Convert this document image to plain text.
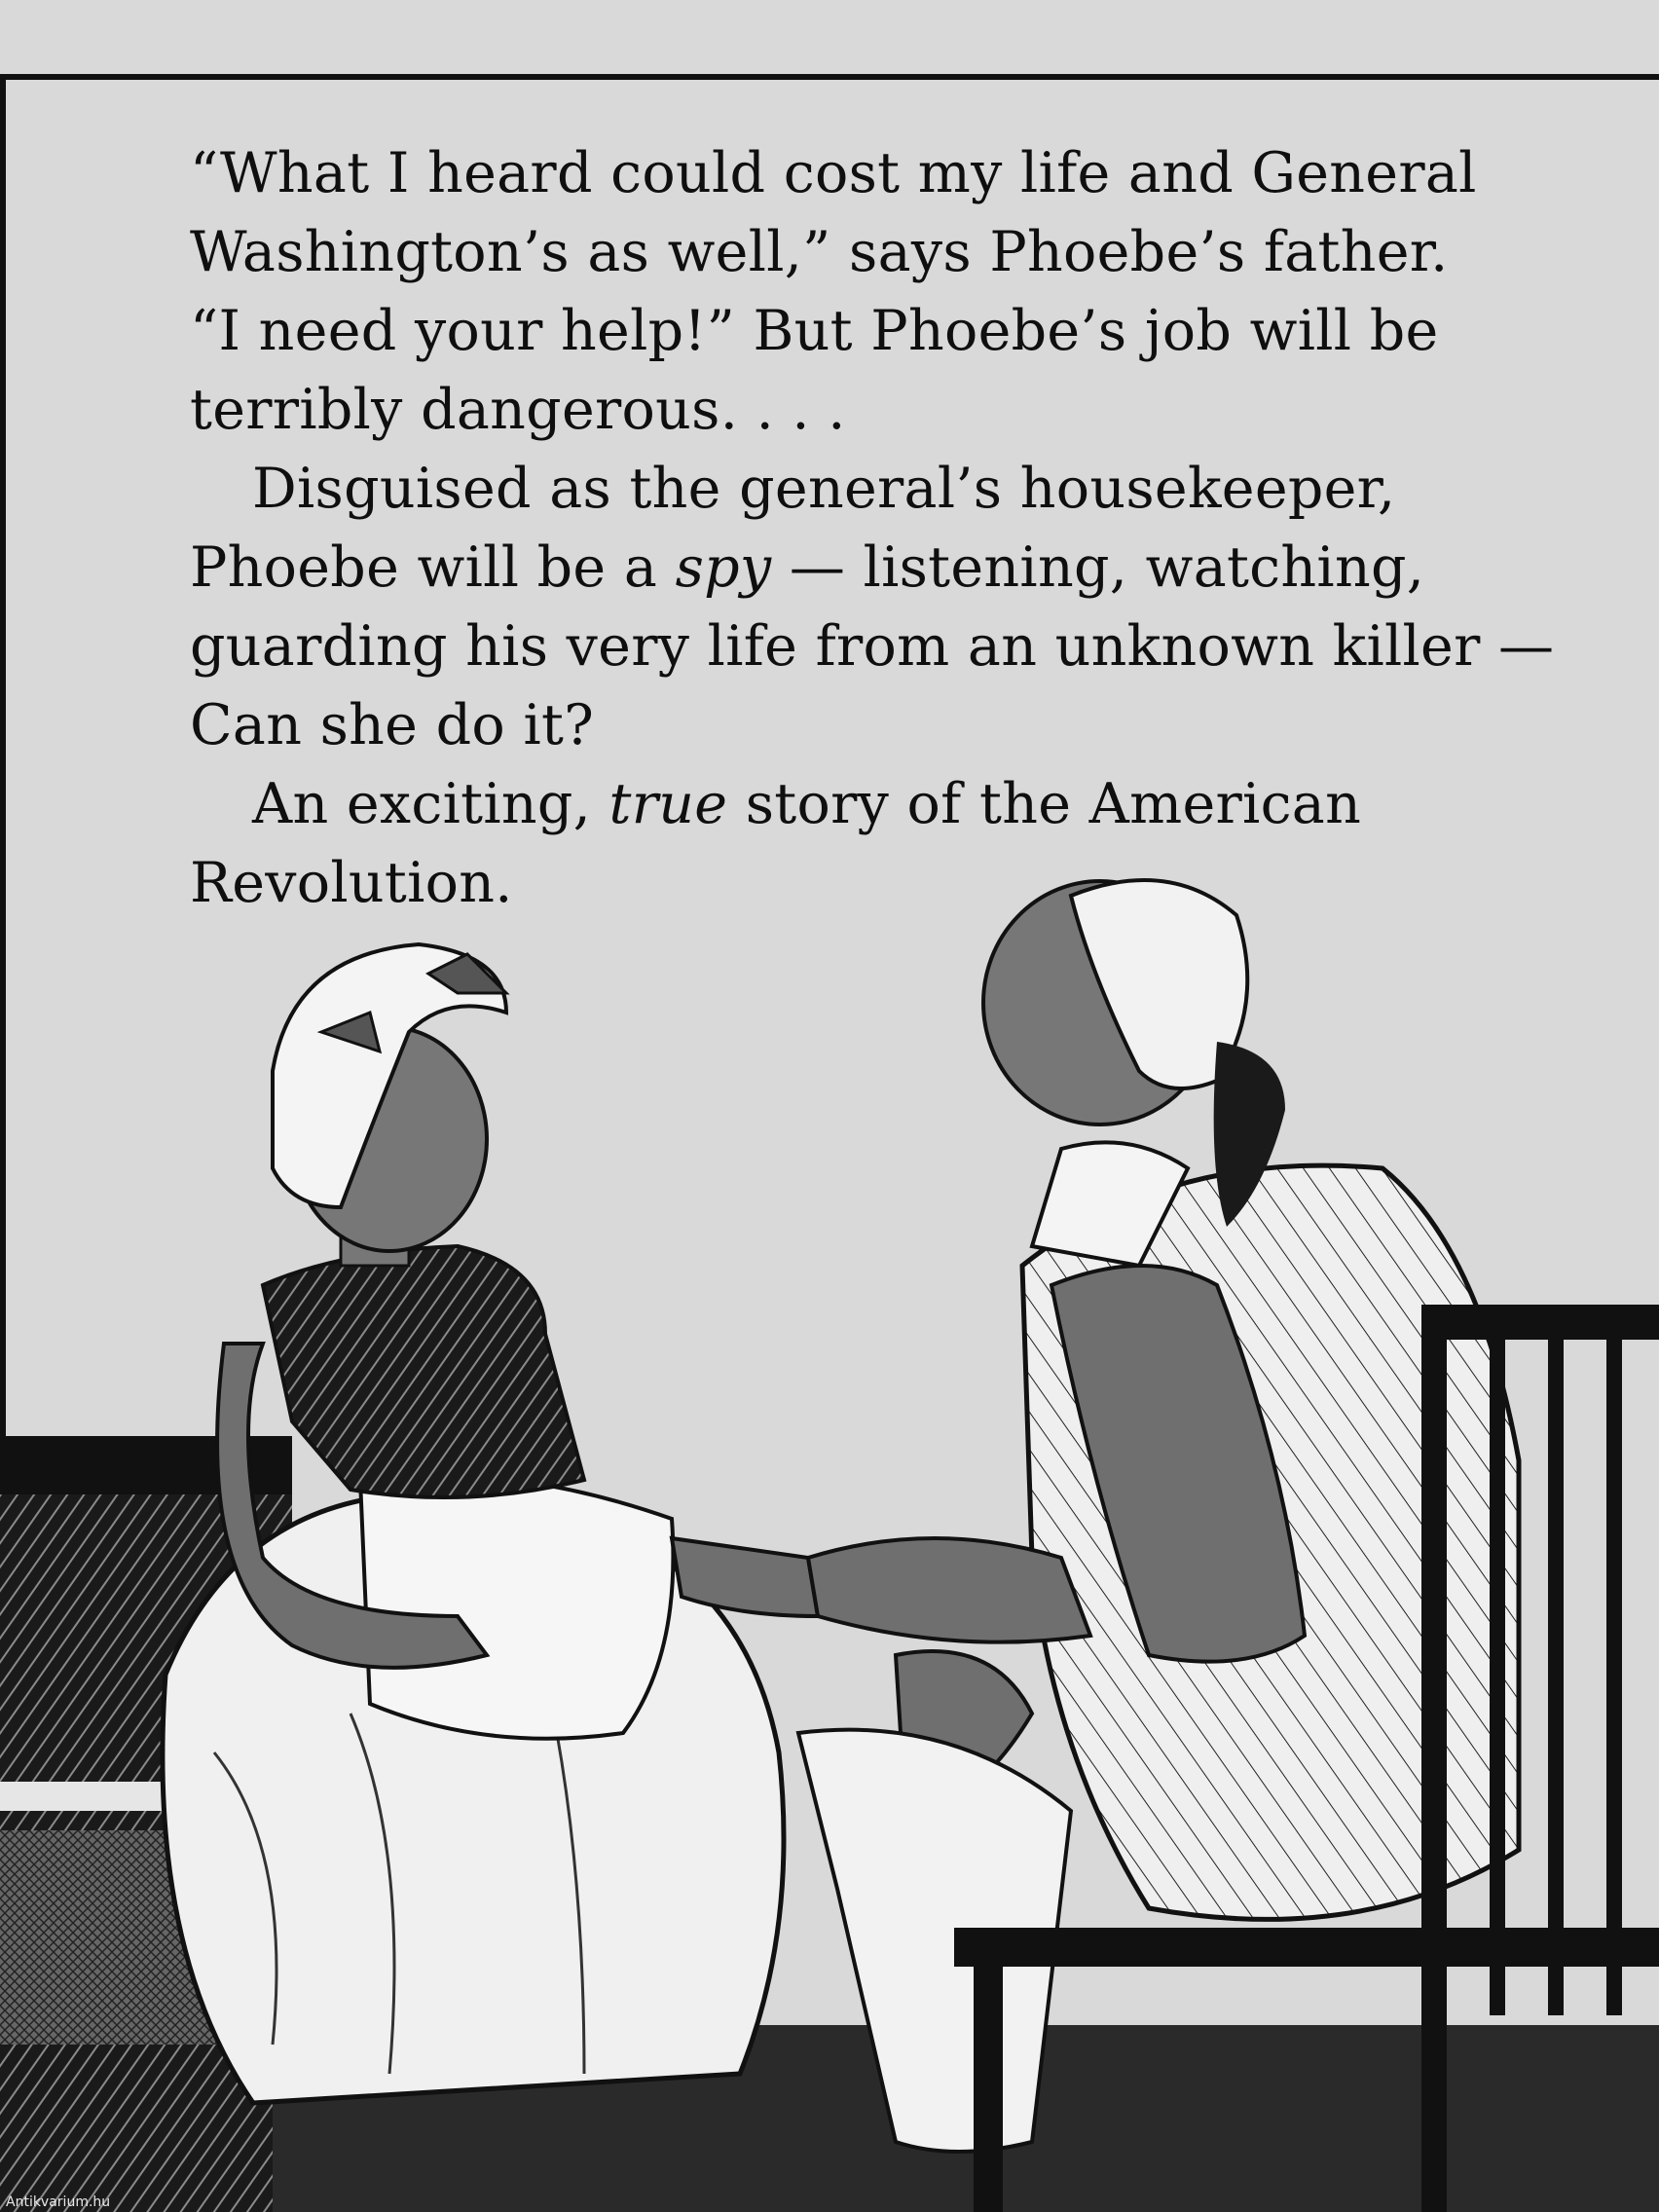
“What I heard could cost my life and General
Washington’s as well,” says Phoebe’s father.
“I need your help!” But Phoebe’s job will be
terribly dangerous. . . .

Disguised as the general’s housekeeper,
Phoebe will be a spy — listening, watching,
guarding his very life from an unknown killer —
Can she do it?

An exciting, true story of the American
Revolution.

Antikvarium.hu
